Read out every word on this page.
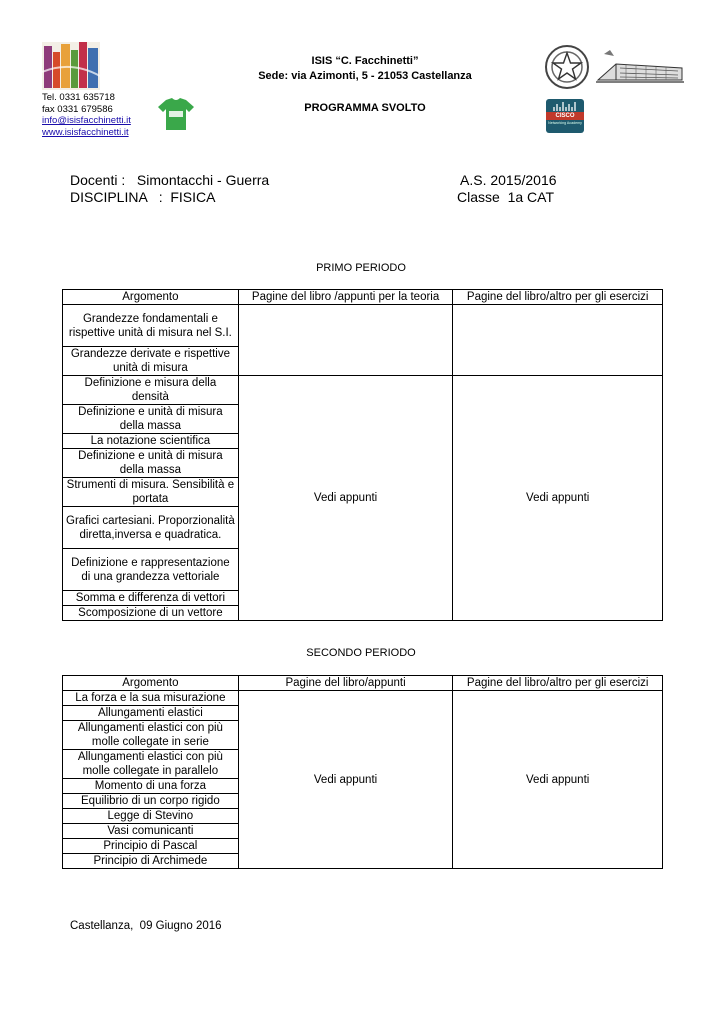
CISCO
Networking Academy
Tel. 0331 635718
fax 0331 679586
info@isisfacchinetti.it
www.isisfacchinetti.it
ISIS “C. Facchinetti”
Sede: via Azimonti, 5 - 21053 Castellanza
PROGRAMMA SVOLTO
Docenti :   Simontacchi - Guerra
DISCIPLINA   :  FISICA
A.S. 2015/2016
Classe  1a CAT
PRIMO PERIODO
Argomento	Pagine del libro /appunti per la teoria	Pagine del libro/altro per gli esercizi
Grandezze fondamentali e rispettive unità di misura nel S.I.		
Grandezze derivate e rispettive unità di misura		
Definizione e misura della densità	Vedi appunti	Vedi appunti
Definizione e unità di misura della massa		
La notazione scientifica		
Definizione e unità di misura della massa		
Strumenti di misura. Sensibilità e portata		
Grafici cartesiani. Proporzionalità diretta,inversa e quadratica.		
Definizione e rappresentazione di una grandezza vettoriale		
Somma e differenza di vettori		
Scomposizione di un vettore		
SECONDO PERIODO
Argomento	Pagine del libro/appunti	Pagine del libro/altro per gli esercizi
La forza e la sua misurazione	Vedi appunti	Vedi appunti
Allungamenti elastici		
Allungamenti elastici con più molle collegate in serie		
Allungamenti elastici con più molle collegate in parallelo		
Momento di una forza		
Equilibrio di un corpo rigido		
Legge di Stevino		
Vasi comunicanti		
Principio di Pascal		
Principio di Archimede		
Castellanza,  09 Giugno 2016
